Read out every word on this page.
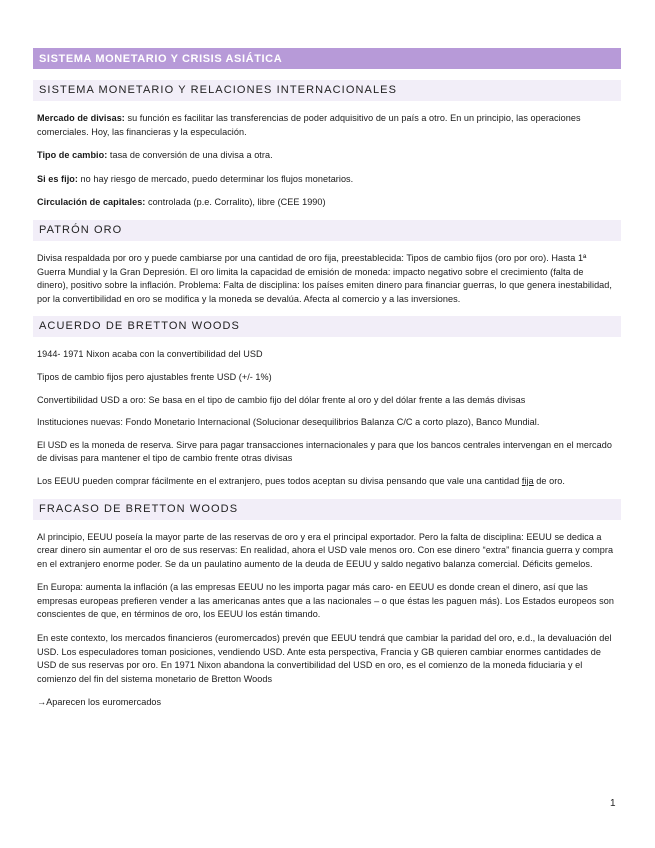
SISTEMA MONETARIO Y CRISIS ASIÁTICA
SISTEMA MONETARIO Y RELACIONES INTERNACIONALES

Mercado de divisas: su función es facilitar las transferencias de poder adquisitivo de un país a otro. En un principio, las operaciones comerciales. Hoy, las financieras y la especulación.

Tipo de cambio: tasa de conversión de una divisa a otra.

Si es fijo: no hay riesgo de mercado, puedo determinar los flujos monetarios.

Circulación de capitales: controlada (p.e. Corralito), libre (CEE 1990)

PATRÓN ORO

Divisa respaldada por oro y puede cambiarse por una cantidad de oro fija, preestablecida: Tipos de cambio fijos (oro por oro). Hasta 1ª Guerra Mundial y la Gran Depresión. El oro limita la capacidad de emisión de moneda: impacto negativo sobre el crecimiento (falta de dinero), positivo sobre la inflación. Problema: Falta de disciplina: los países emiten dinero para financiar guerras, lo que genera inestabilidad, por la convertibilidad en oro se modifica y la moneda se devalúa. Afecta al comercio y a las inversiones.

ACUERDO DE BRETTON WOODS

1944- 1971 Nixon acaba con la convertibilidad del USD

Tipos de cambio fijos pero ajustables frente USD (+/- 1%)

Convertibilidad USD a oro: Se basa en el tipo de cambio fijo del dólar frente al oro y del dólar frente a las demás divisas

Instituciones nuevas: Fondo Monetario Internacional (Solucionar desequilibrios Balanza C/C a corto plazo), Banco Mundial.

El USD es la moneda de reserva. Sirve para pagar transacciones internacionales y para que los bancos centrales intervengan en el mercado de divisas para mantener el tipo de cambio frente otras divisas

Los EEUU pueden comprar fácilmente en el extranjero, pues todos aceptan su divisa pensando que vale una cantidad fija de oro.

FRACASO DE BRETTON WOODS

Al principio, EEUU poseía la mayor parte de las reservas de oro y era el principal exportador. Pero la falta de disciplina: EEUU se dedica a crear dinero sin aumentar el oro de sus reservas: En realidad, ahora el USD vale menos oro. Con ese dinero “extra” financia guerra y compra en el extranjero enorme poder. Se da un paulatino aumento de la deuda de EEUU y saldo negativo balanza comercial. Déficits gemelos.

En Europa: aumenta la inflación (a las empresas EEUU no les importa pagar más caro- en EEUU es donde crean el dinero, así que las empresas europeas prefieren vender a las americanas antes que a las nacionales – o que éstas les paguen más). Los Estados europeos son conscientes de que, en términos de oro, los EEUU los están timando.

En este contexto, los mercados financieros (euromercados) prevén que EEUU tendrá que cambiar la paridad del oro, e.d., la devaluación del USD. Los especuladores toman posiciones, vendiendo USD. Ante esta perspectiva, Francia y GB quieren cambiar enormes cantidades de USD de sus reservas por oro. En 1971 Nixon abandona la convertibilidad del USD en oro, es el comienzo de la moneda fiduciaria y el comienzo del fin del sistema monetario de Bretton Woods

→Aparecen los euromercados

1
